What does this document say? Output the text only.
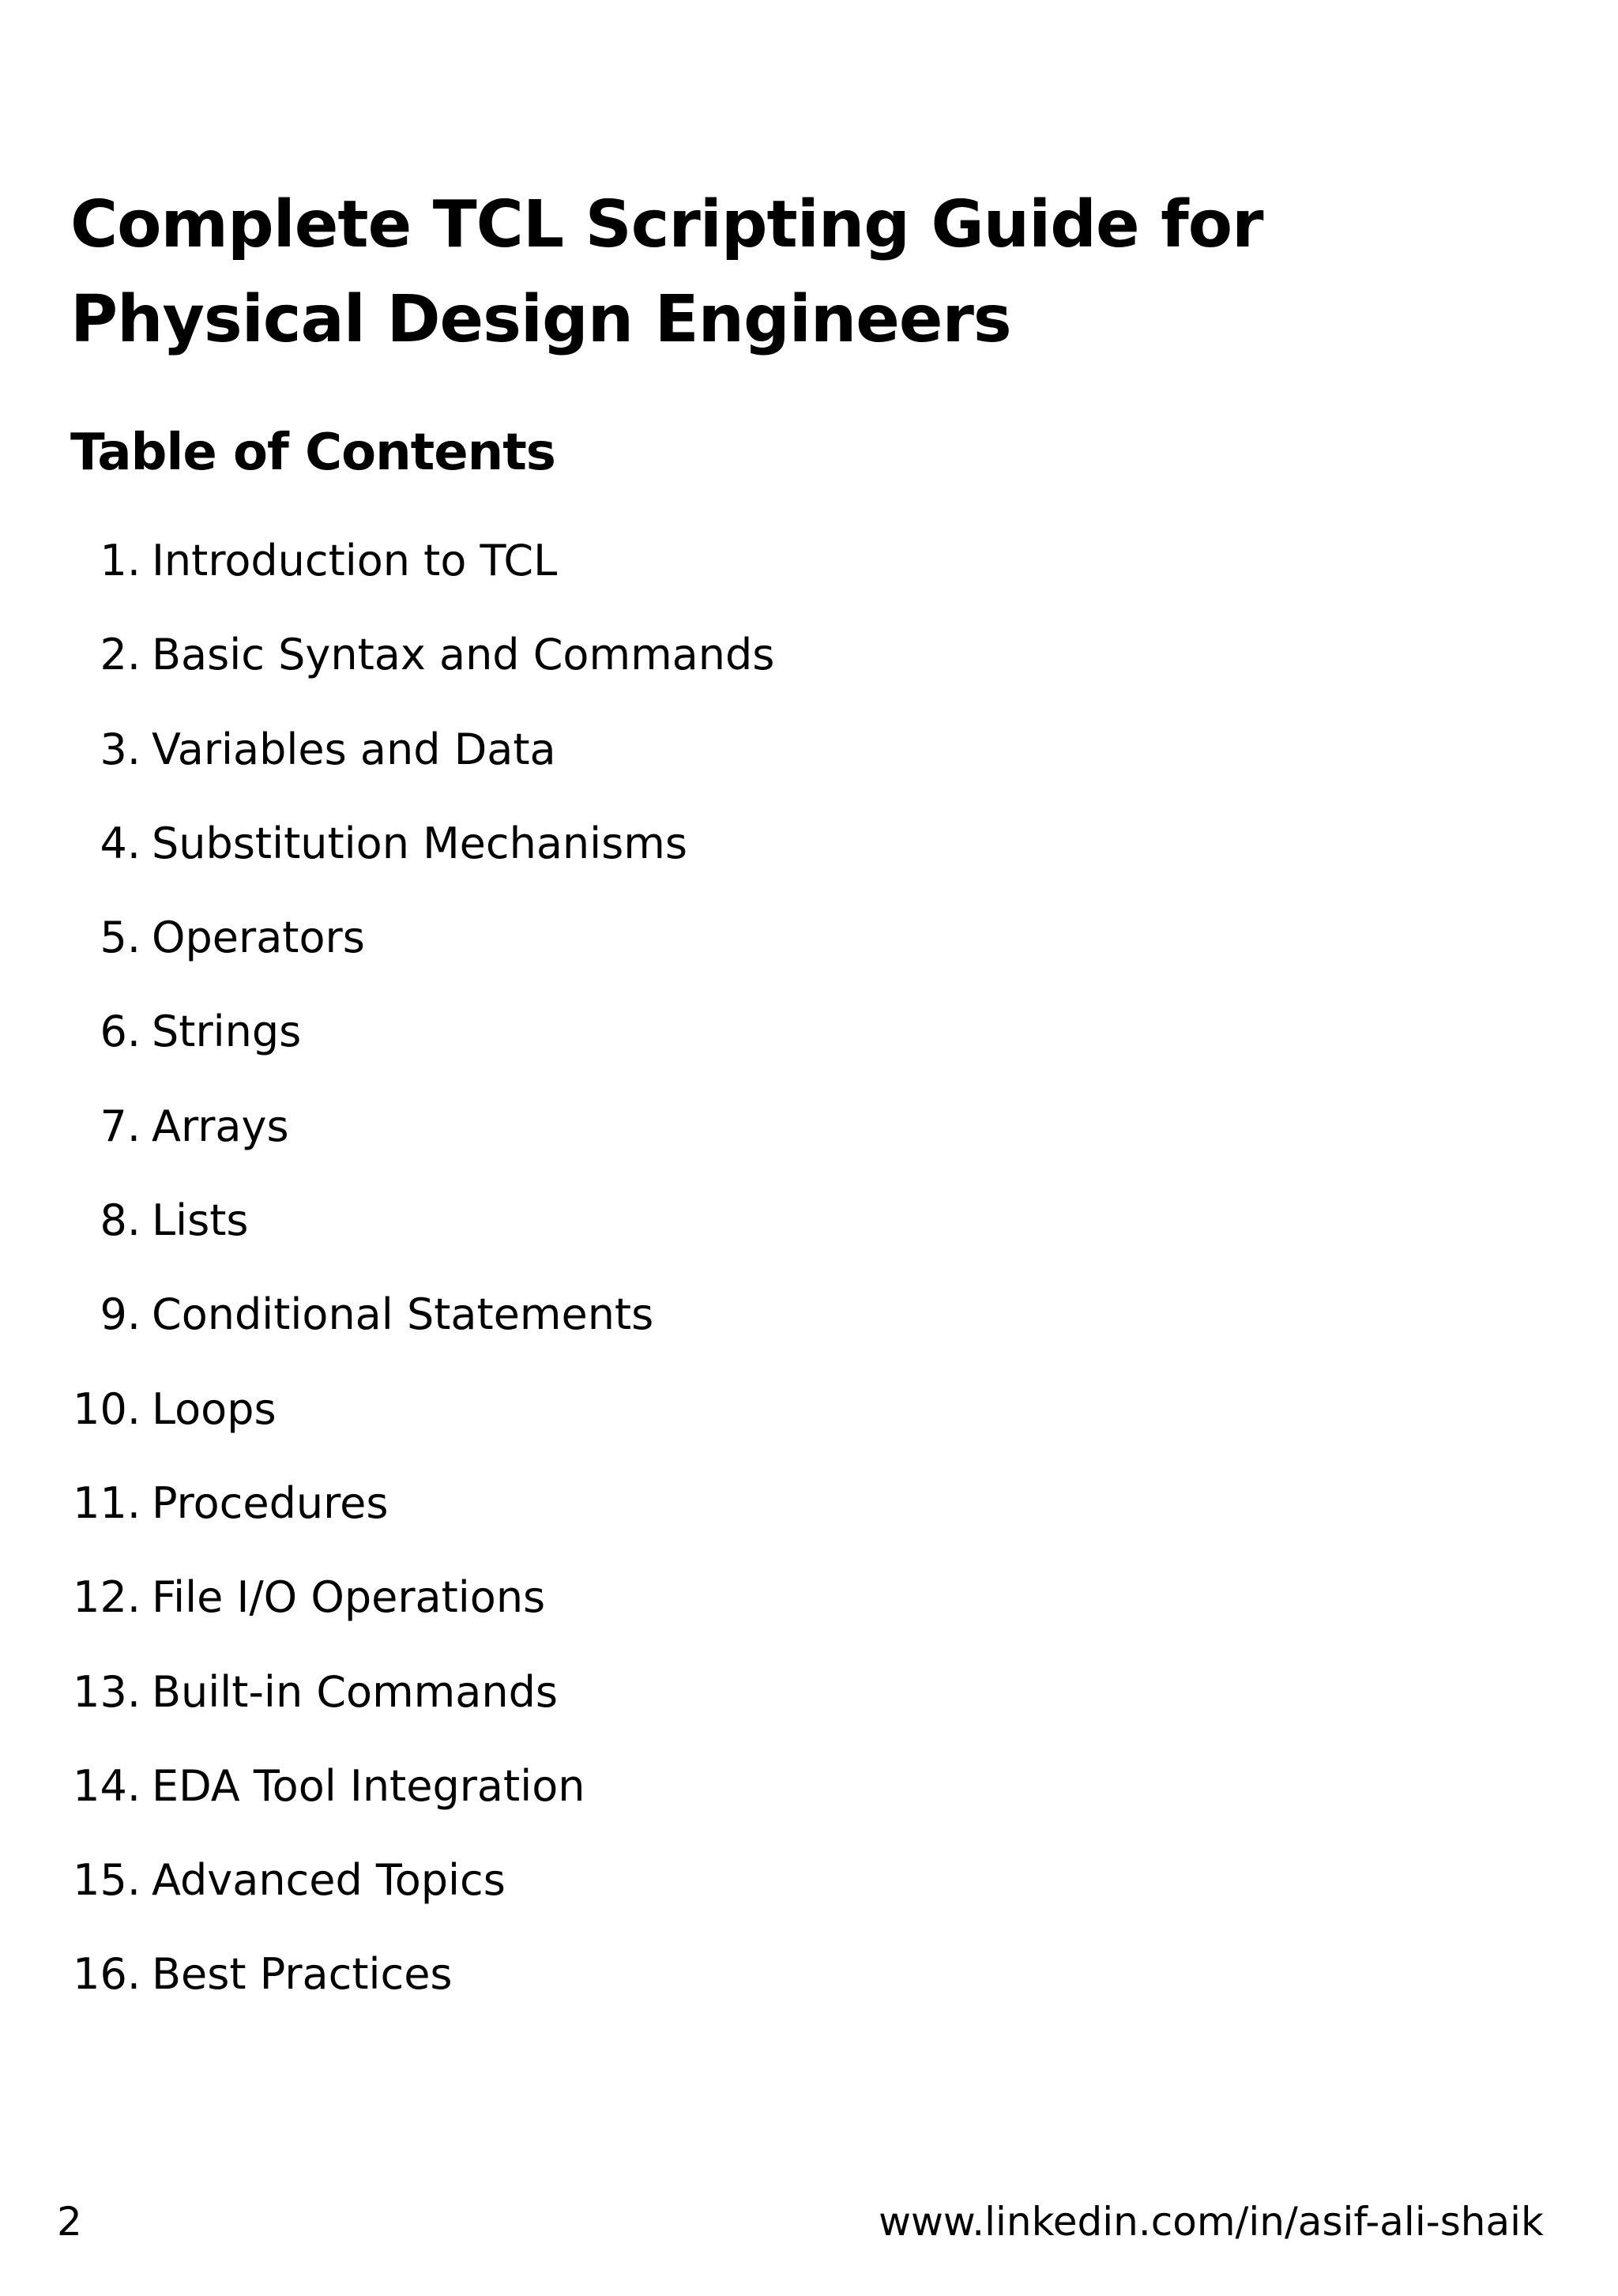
Complete TCL Scripting Guide for Physical Design Engineers
Table of Contents
1. Introduction to TCL
2. Basic Syntax and Commands
3. Variables and Data
4. Substitution Mechanisms
5. Operators
6. Strings
7. Arrays
8. Lists
9. Conditional Statements
10. Loops
11. Procedures
12. File I/O Operations
13. Built-in Commands
14. EDA Tool Integration
15. Advanced Topics
16. Best Practices
2	www.linkedin.com/in/asif-ali-shaik
